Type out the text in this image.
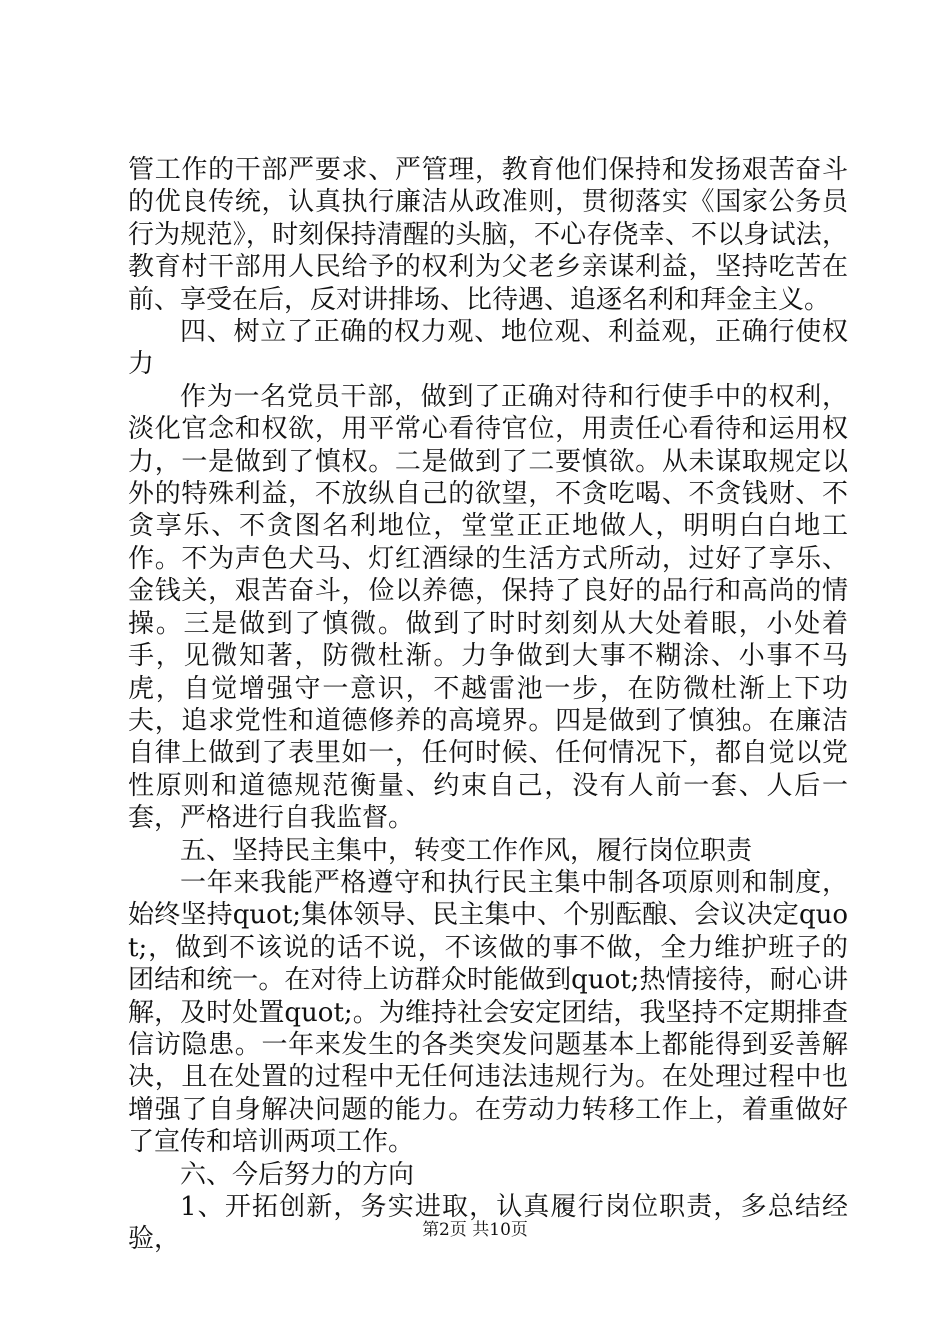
管工作的干部严要求、严管理，教育他们保持和发扬艰苦奋斗的优良传统，认真执行廉洁从政准则，贯彻落实《国家公务员行为规范》，时刻保持清醒的头脑，不心存侥幸、不以身试法，教育村干部用人民给予的权利为父老乡亲谋利益，坚持吃苦在前、享受在后，反对讲排场、比待遇、追逐名利和拜金主义。

四、树立了正确的权力观、地位观、利益观，正确行使权力

作为一名党员干部，做到了正确对待和行使手中的权利，淡化官念和权欲，用平常心看待官位，用责任心看待和运用权力，一是做到了慎权。二是做到了二要慎欲。从未谋取规定以外的特殊利益，不放纵自己的欲望，不贪吃喝、不贪钱财、不贪享乐、不贪图名利地位，堂堂正正地做人，明明白白地工作。不为声色犬马、灯红酒绿的生活方式所动，过好了享乐、金钱关，艰苦奋斗，俭以养德，保持了良好的品行和高尚的情操。三是做到了慎微。做到了时时刻刻从大处着眼，小处着手，见微知著，防微杜渐。力争做到大事不糊涂、小事不马虎，自觉增强守一意识，不越雷池一步，在防微杜渐上下功夫，追求党性和道德修养的高境界。四是做到了慎独。在廉洁自律上做到了表里如一，任何时候、任何情况下，都自觉以党性原则和道德规范衡量、约束自己，没有人前一套、人后一套，严格进行自我监督。

五、坚持民主集中，转变工作作风，履行岗位职责

一年来我能严格遵守和执行民主集中制各项原则和制度，始终坚持quot;集体领导、民主集中、个别酝酿、会议决定quot;，做到不该说的话不说，不该做的事不做，全力维护班子的团结和统一。在对待上访群众时能做到quot;热情接待，耐心讲解，及时处置quot;。为维持社会安定团结，我坚持不定期排查信访隐患。一年来发生的各类突发问题基本上都能得到妥善解决，且在处置的过程中无任何违法违规行为。在处理过程中也增强了自身解决问题的能力。在劳动力转移工作上，着重做好了宣传和培训两项工作。

六、今后努力的方向

1、开拓创新，务实进取，认真履行岗位职责，多总结经验，	第2页 共10页
